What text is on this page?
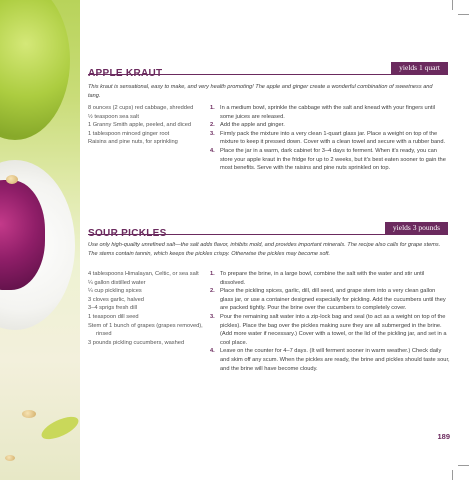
yields 1 quart
APPLE KRAUT

This kraut is sensational, easy to make, and very health promoting! The apple and ginger create a wonderful combination of sweetness and tang.

8 ounces (2 cups) red cabbage, shredded
½ teaspoon sea salt
1 Granny Smith apple, peeled, and diced
1 tablespoon minced ginger root
Raisins and pine nuts, for sprinkling
1. In a medium bowl, sprinkle the cabbage with the salt and knead with your fingers until some juices are released.
2. Add the apple and ginger.
3. Firmly pack the mixture into a very clean 1-quart glass jar. Place a weight on top of the mixture to keep it pressed down. Cover with a clean towel and secure with a rubber band.
4. Place the jar in a warm, dark cabinet for 3–4 days to ferment. When it's ready, you can store your apple kraut in the fridge for up to 2 weeks, but it's best eaten sooner to gain the most benefits. Serve with the raisins and pine nuts sprinkled on top.
yields 3 pounds
SOUR PICKLES

Use only high-quality unrefined salt—the salt adds flavor, inhibits mold, and provides important minerals. The recipe also calls for grape stems. The stems contain tannin, which keeps the pickles crispy. Otherwise the pickles may become soft.

4 tablespoons Himalayan, Celtic, or sea salt
¼ gallon distilled water
¼ cup pickling spices
3 cloves garlic, halved
3–4 sprigs fresh dill
1 teaspoon dill seed
Stem of 1 bunch of grapes (grapes removed), rinsed
3 pounds pickling cucumbers, washed
1. To prepare the brine, in a large bowl, combine the salt with the water and stir until dissolved.
2. Place the pickling spices, garlic, dill, dill seed, and grape stem into a very clean gallon glass jar, or use a container designed especially for pickling. Add the cucumbers until they are packed tightly. Pour the brine over the cucumbers to completely cover.
3. Pour the remaining salt water into a zip-lock bag and seal (to act as a weight on top of the pickles). Place the bag over the pickles making sure they are all submerged in the brine. (Add more water if necessary.) Cover with a towel, or the lid of the pickling jar, and set in a cool place.
4. Leave on the counter for 4–7 days. (It will ferment sooner in warm weather.) Check daily and skim off any scum. When the pickles are ready, the brine and pickles should taste sour, and the brine will have become cloudy.
189
